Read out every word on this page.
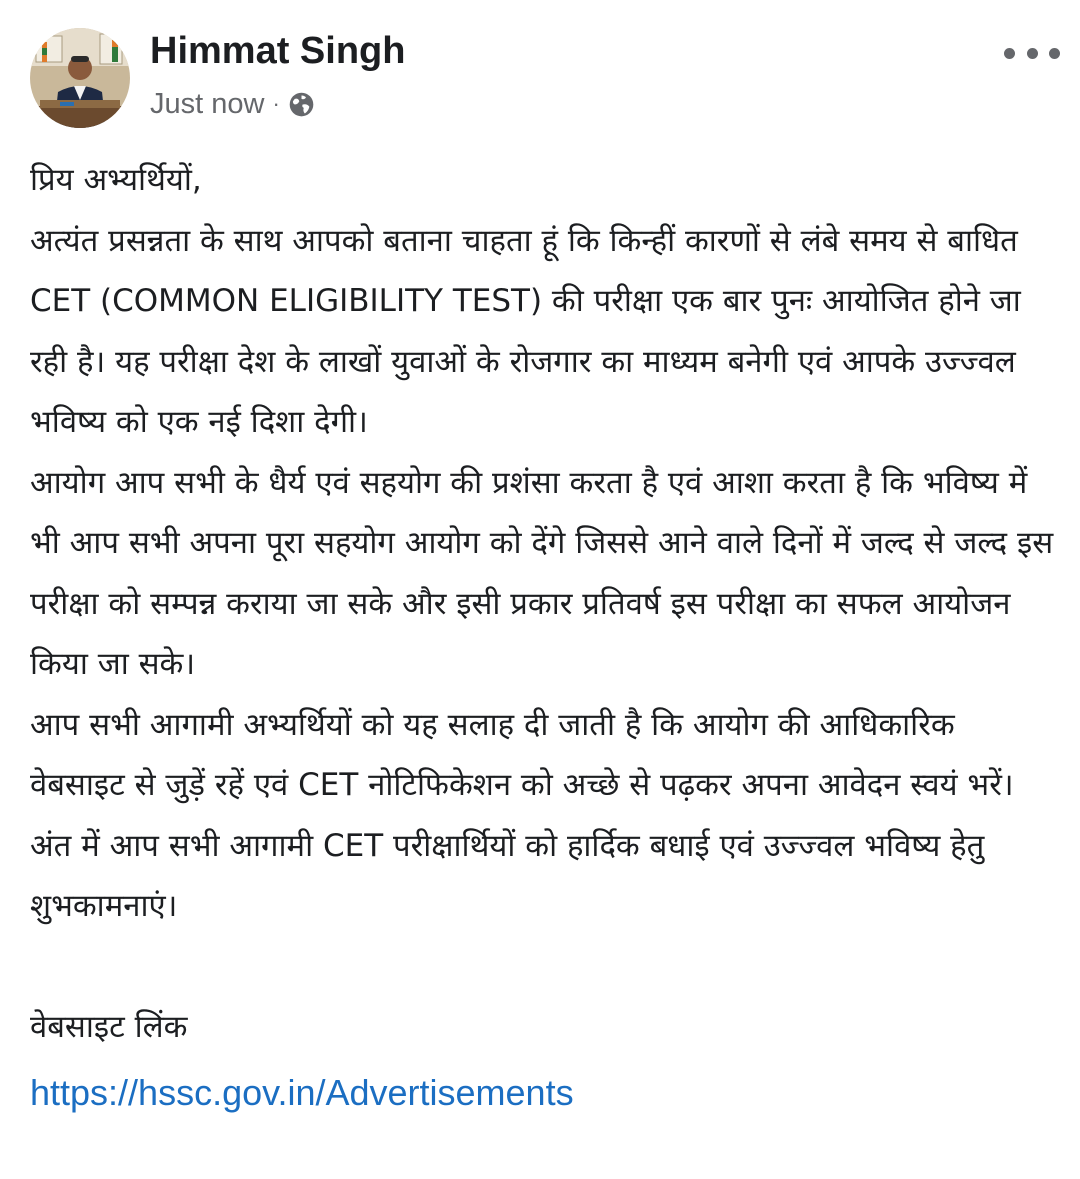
Himmat Singh
Just now ·

प्रिय अभ्यर्थियों,

अत्यंत प्रसन्नता के साथ आपको बताना चाहता हूं कि किन्हीं कारणों से लंबे समय से बाधित  CET (COMMON ELIGIBILITY TEST) की परीक्षा एक बार पुनः आयोजित होने जा रही है। यह परीक्षा देश के लाखों युवाओं के रोजगार का माध्यम बनेगी एवं आपके उज्ज्वल भविष्य को एक नई दिशा देगी।

आयोग आप सभी के धैर्य एवं सहयोग की प्रशंसा करता है एवं आशा करता है कि भविष्य में भी आप सभी अपना पूरा सहयोग आयोग को देंगे जिससे आने वाले दिनों में जल्द से जल्द इस परीक्षा को सम्पन्न कराया जा सके और इसी प्रकार प्रतिवर्ष इस परीक्षा का सफल आयोजन किया जा सके।

आप सभी आगामी अभ्यर्थियों को यह सलाह दी जाती है कि आयोग की आधिकारिक वेबसाइट से जुड़ें रहें एवं CET नोटिफिकेशन को अच्छे से पढ़कर अपना आवेदन स्वयं भरें। अंत में आप सभी आगामी CET परीक्षार्थियों को हार्दिक बधाई एवं उज्ज्वल भविष्य हेतु शुभकामनाएं।

वेबसाइट लिंक

https://hssc.gov.in/Advertisements
